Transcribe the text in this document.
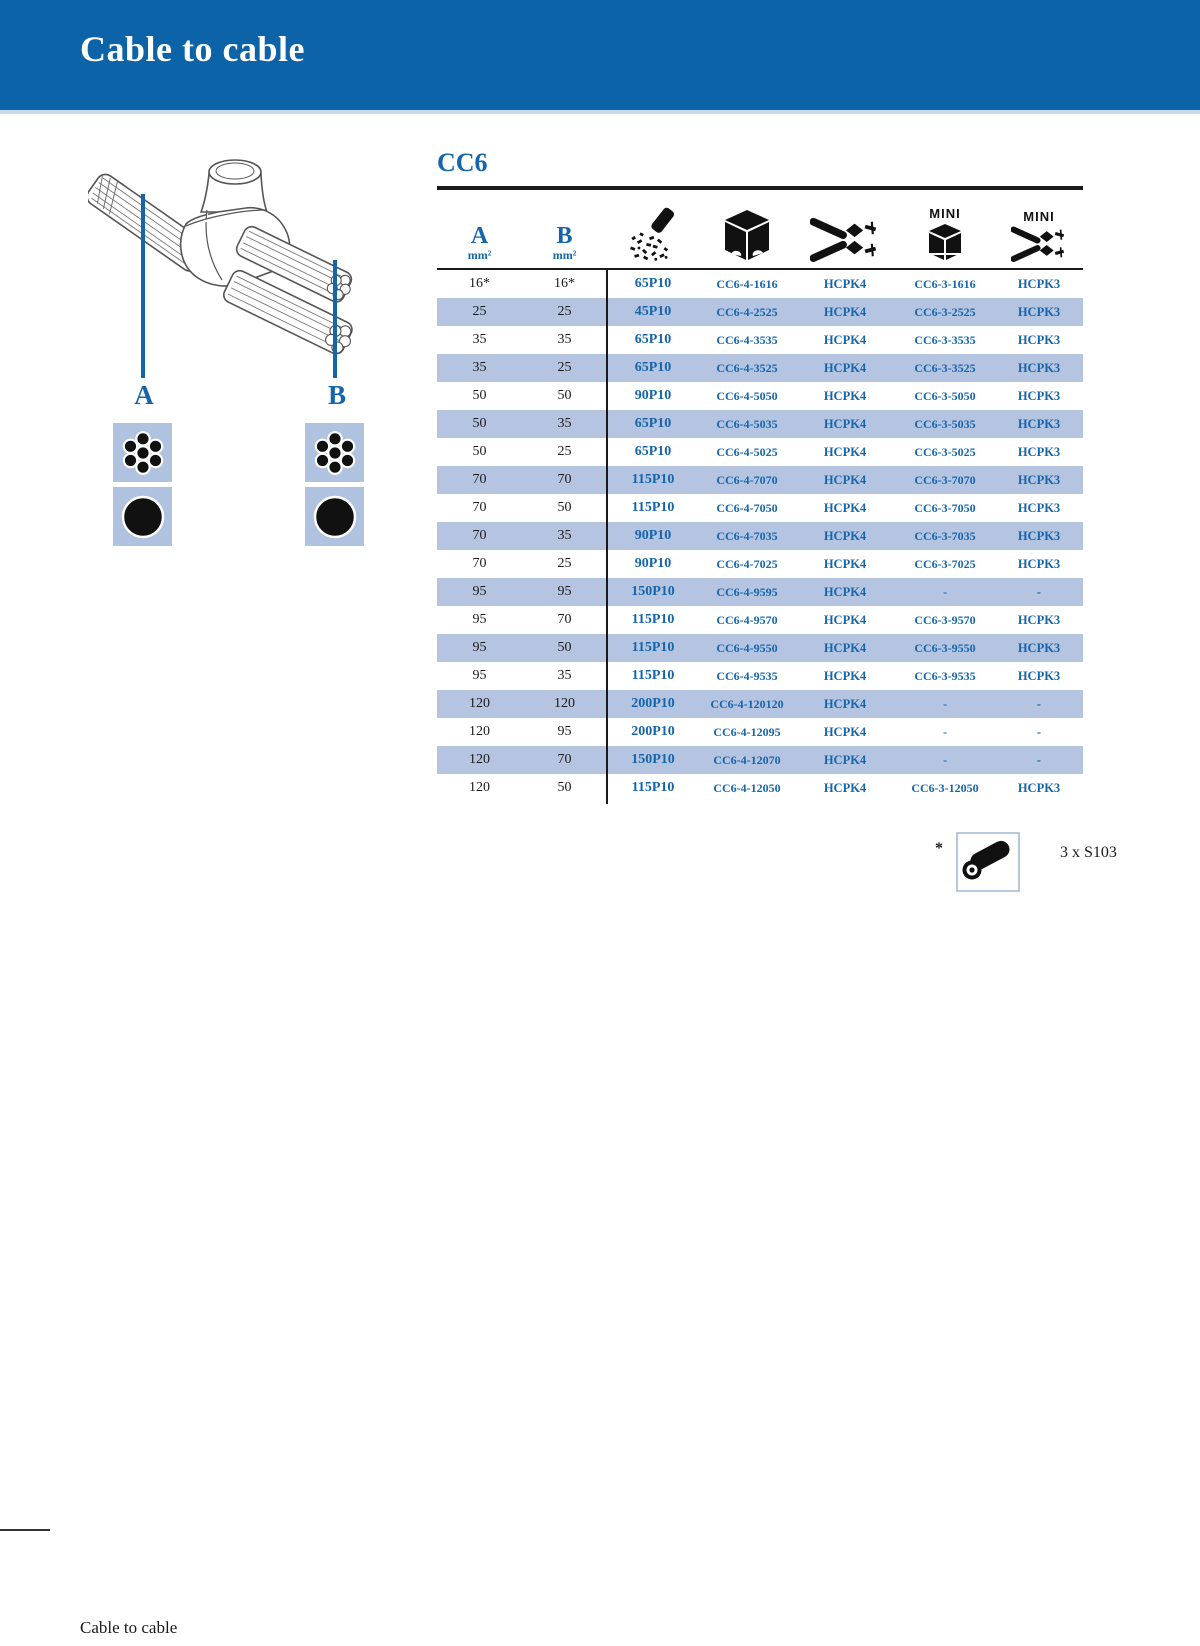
Cable to cable
A	B
CC6
A
mm²
B
mm²
MINI	MINI
16*	16*	65P10	CC6-4-1616	HCPK4	CC6-3-1616	HCPK3
25	25	45P10	CC6-4-2525	HCPK4	CC6-3-2525	HCPK3
35	35	65P10	CC6-4-3535	HCPK4	CC6-3-3535	HCPK3
35	25	65P10	CC6-4-3525	HCPK4	CC6-3-3525	HCPK3
50	50	90P10	CC6-4-5050	HCPK4	CC6-3-5050	HCPK3
50	35	65P10	CC6-4-5035	HCPK4	CC6-3-5035	HCPK3
50	25	65P10	CC6-4-5025	HCPK4	CC6-3-5025	HCPK3
70	70	115P10	CC6-4-7070	HCPK4	CC6-3-7070	HCPK3
70	50	115P10	CC6-4-7050	HCPK4	CC6-3-7050	HCPK3
70	35	90P10	CC6-4-7035	HCPK4	CC6-3-7035	HCPK3
70	25	90P10	CC6-4-7025	HCPK4	CC6-3-7025	HCPK3
95	95	150P10	CC6-4-9595	HCPK4	-	-
95	70	115P10	CC6-4-9570	HCPK4	CC6-3-9570	HCPK3
95	50	115P10	CC6-4-9550	HCPK4	CC6-3-9550	HCPK3
95	35	115P10	CC6-4-9535	HCPK4	CC6-3-9535	HCPK3
120	120	200P10	CC6-4-120120	HCPK4	-	-
120	95	200P10	CC6-4-12095	HCPK4	-	-
120	70	150P10	CC6-4-12070	HCPK4	-	-
120	50	115P10	CC6-4-12050	HCPK4	CC6-3-12050	HCPK3
*	3 x S103
Cable to cable
